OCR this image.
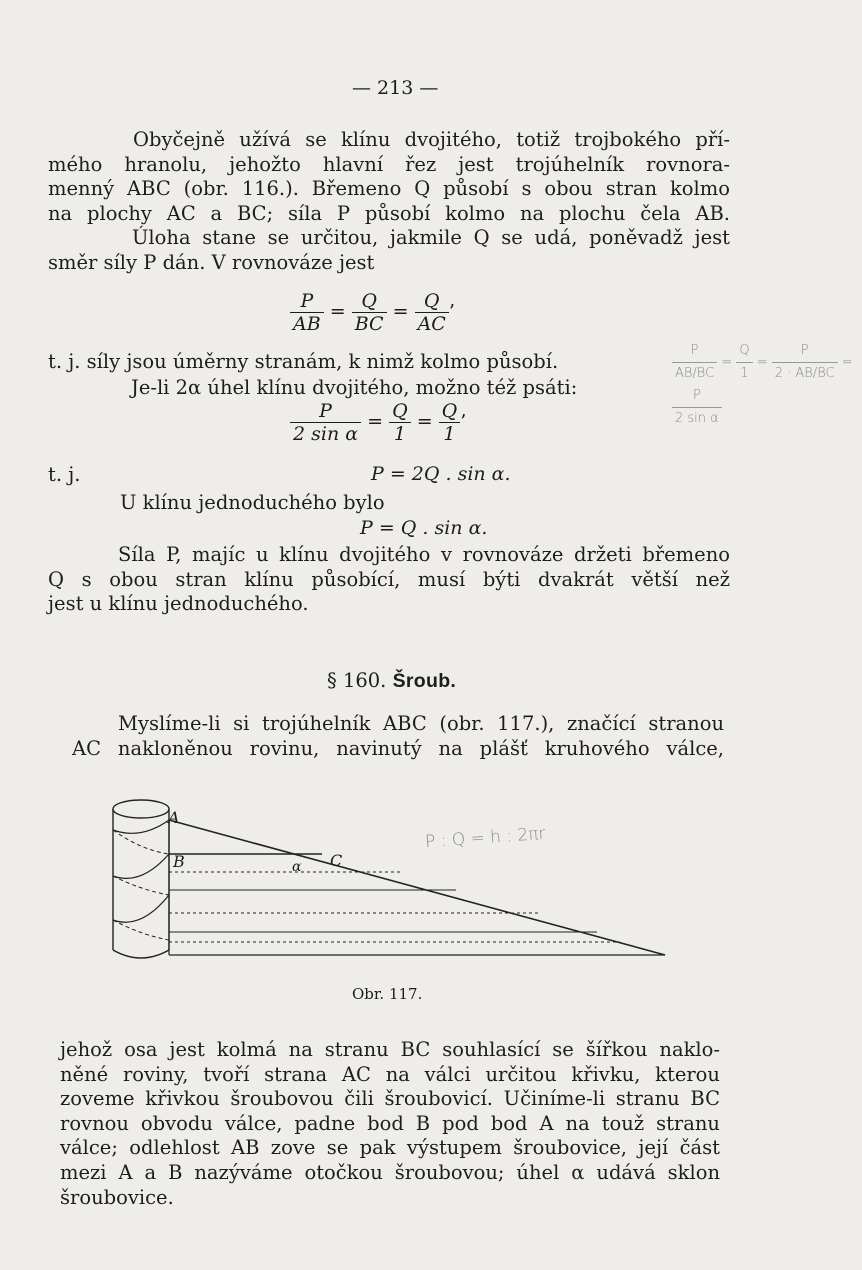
— 213 —
Obyčejně užívá se klínu dvojitého, totiž trojbokého pří-
mého hranolu, jehožto hlavní řez jest trojúhelník rovnora-
menný ABC (obr. 116.). Břemeno Q působí s obou stran kolmo
na plochy AC a BC; síla P působí kolmo na plochu čela AB.
Úloha stane se určitou, jakmile Q se udá, poněvadž jest
směr síly P dán. V rovnováze jest
$\frac{P}{AB} = \frac{Q}{BC} = \frac{Q}{AC}$ ’
t. j. síly jsou úměrny stranám, k nimž kolmo působí.
Je-li 2α úhel klínu dvojitého, možno též psáti:
$\frac{P}{\text{2 sin α}} = \frac{Q}{1} = \frac{Q}{1}$ ’
t. j.	P = 2Q . sin α.
U klínu jednoduchého bylo
P = Q . sin α.
Síla P, majíc u klínu dvojitého v rovnováze držeti břemeno
Q s obou stran klínu působící, musí býti dvakrát větší než
jest u klínu jednoduchého.
§ 160. Šroub.
Myslíme-li si trojúhelník ABC (obr. 117.), značící stranou
AC nakloněnou rovinu, navinutý na plášť kruhového válce,
A
B	α C
Obr. 117.
P : Q = h : 2πr
$\frac{P}{AB/BC} = \frac{Q}{1} = \frac{P}{2 \cdot AB/BC}$ =
$\frac{P}{\text{2 sin α}}$
jehož osa jest kolmá na stranu BC souhlasící se šířkou naklo-
něné roviny, tvoří strana AC na válci určitou křivku, kterou
zoveme křivkou šroubovou čili šroubovicí. Učiníme-li stranu BC
rovnou obvodu válce, padne bod B pod bod A na touž stranu
válce; odlehlost AB zove se pak výstupem šroubovice, její část
mezi A a B nazýváme otočkou šroubovou; úhel α udává sklon
šroubovice.
